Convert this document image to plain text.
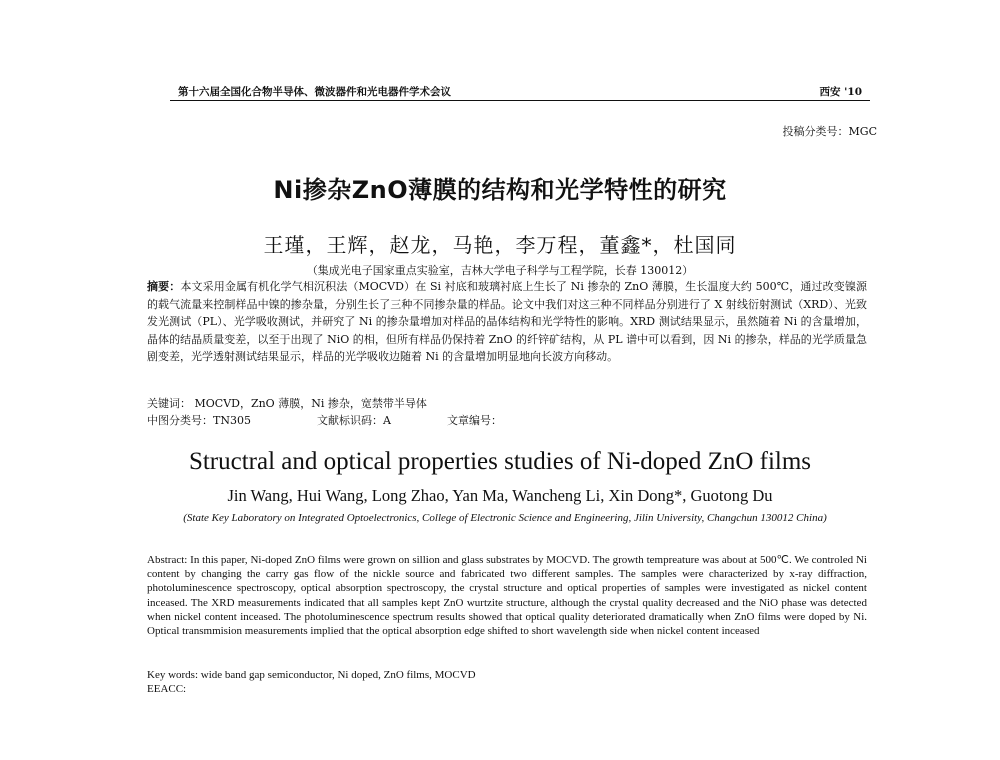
第十六届全国化合物半导体、微波器件和光电器件学术会议	西安 '10
投稿分类号：MGC
Ni掺杂ZnO薄膜的结构和光学特性的研究
王瑾，王辉，赵龙，马艳，李万程，董鑫*，杜国同
（集成光电子国家重点实验室，吉林大学电子科学与工程学院，长春 130012）
摘要：本文采用金属有机化学气相沉积法（MOCVD）在 Si 衬底和玻璃衬底上生长了 Ni 掺杂的 ZnO 薄膜，生长温度大约 500℃，通过改变镍源的载气流量来控制样品中镍的掺杂量，分别生长了三种不同掺杂量的样品。论文中我们对这三种不同样品分别进行了 X 射线衍射测试（XRD）、光致发光测试（PL）、光学吸收测试，并研究了 Ni 的掺杂量增加对样品的晶体结构和光学特性的影响。XRD 测试结果显示，虽然随着 Ni 的含量增加，晶体的结晶质量变差，以至于出现了 NiO 的相，但所有样品仍保持着 ZnO 的纤锌矿结构，从 PL 谱中可以看到，因 Ni 的掺杂，样品的光学质量急剧变差，光学透射测试结果显示，样品的光学吸收边随着 Ni 的含量增加明显地向长波方向移动。
关键词： MOCVD，ZnO 薄膜，Ni 掺杂，宽禁带半导体
中图分类号：TN305	文献标识码：A	文章编号：
Structral and optical properties studies of Ni-doped ZnO films
Jin Wang, Hui Wang, Long Zhao, Yan Ma, Wancheng Li, Xin Dong*, Guotong Du
(State Key Laboratory on Integrated Optoelectronics, College of Electronic Science and Engineering, Jilin University, Changchun 130012 China)
Abstract: In this paper, Ni-doped ZnO films were grown on sillion and glass substrates by MOCVD. The growth tempreature was about at 500℃. We controled Ni content by changing the carry gas flow of the nickle source and fabricated two different samples. The samples were characterized by x-ray diffraction, photoluminescence spectroscopy, optical absorption spectroscopy, the crystal structure and optical properties of samples were investigated as nickel content inceased. The XRD measurements indicated that all samples kept ZnO wurtzite structure, although the crystal quality decreased and the NiO phase was detected when nickel content inceased. The photoluminescence spectrum results showed that optical quality deteriorated dramatically when ZnO films were doped by Ni. Optical transmmision measurements implied that the optical absorption edge shifted to short wavelength side when nickel content inceased
Key words: wide band gap semiconductor, Ni doped, ZnO films, MOCVD
EEACC:
